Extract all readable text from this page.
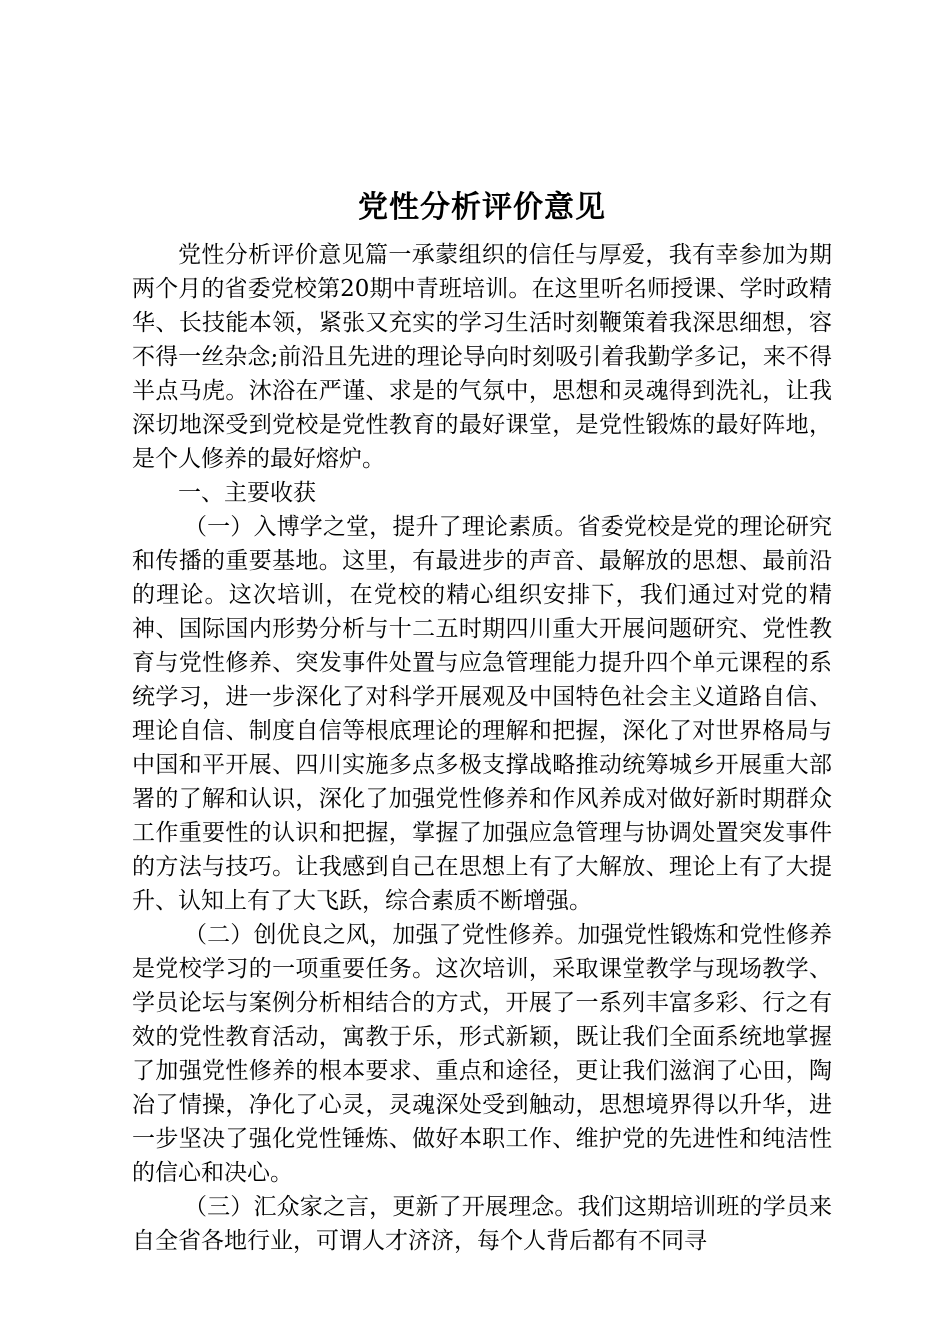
党性分析评价意见

党性分析评价意见篇一承蒙组织的信任与厚爱，我有幸参加为期两个月的省委党校第20期中青班培训。在这里听名师授课、学时政精华、长技能本领，紧张又充实的学习生活时刻鞭策着我深思细想，容不得一丝杂念;前沿且先进的理论导向时刻吸引着我勤学多记，来不得半点马虎。沐浴在严谨、求是的气氛中，思想和灵魂得到洗礼，让我深切地深受到党校是党性教育的最好课堂，是党性锻炼的最好阵地，是个人修养的最好熔炉。

一、主要收获

（一）入博学之堂，提升了理论素质。省委党校是党的理论研究和传播的重要基地。这里，有最进步的声音、最解放的思想、最前沿的理论。这次培训，在党校的精心组织安排下，我们通过对党的精神、国际国内形势分析与十二五时期四川重大开展问题研究、党性教育与党性修养、突发事件处置与应急管理能力提升四个单元课程的系统学习，进一步深化了对科学开展观及中国特色社会主义道路自信、理论自信、制度自信等根底理论的理解和把握，深化了对世界格局与中国和平开展、四川实施多点多极支撑战略推动统筹城乡开展重大部署的了解和认识，深化了加强党性修养和作风养成对做好新时期群众工作重要性的认识和把握，掌握了加强应急管理与协调处置突发事件的方法与技巧。让我感到自己在思想上有了大解放、理论上有了大提升、认知上有了大飞跃，综合素质不断增强。

（二）创优良之风，加强了党性修养。加强党性锻炼和党性修养是党校学习的一项重要任务。这次培训，采取课堂教学与现场教学、学员论坛与案例分析相结合的方式，开展了一系列丰富多彩、行之有效的党性教育活动，寓教于乐，形式新颖，既让我们全面系统地掌握了加强党性修养的根本要求、重点和途径，更让我们滋润了心田，陶冶了情操，净化了心灵，灵魂深处受到触动，思想境界得以升华，进一步坚决了强化党性锤炼、做好本职工作、维护党的先进性和纯洁性的信心和决心。

（三）汇众家之言，更新了开展理念。我们这期培训班的学员来自全省各地行业，可谓人才济济，每个人背后都有不同寻
